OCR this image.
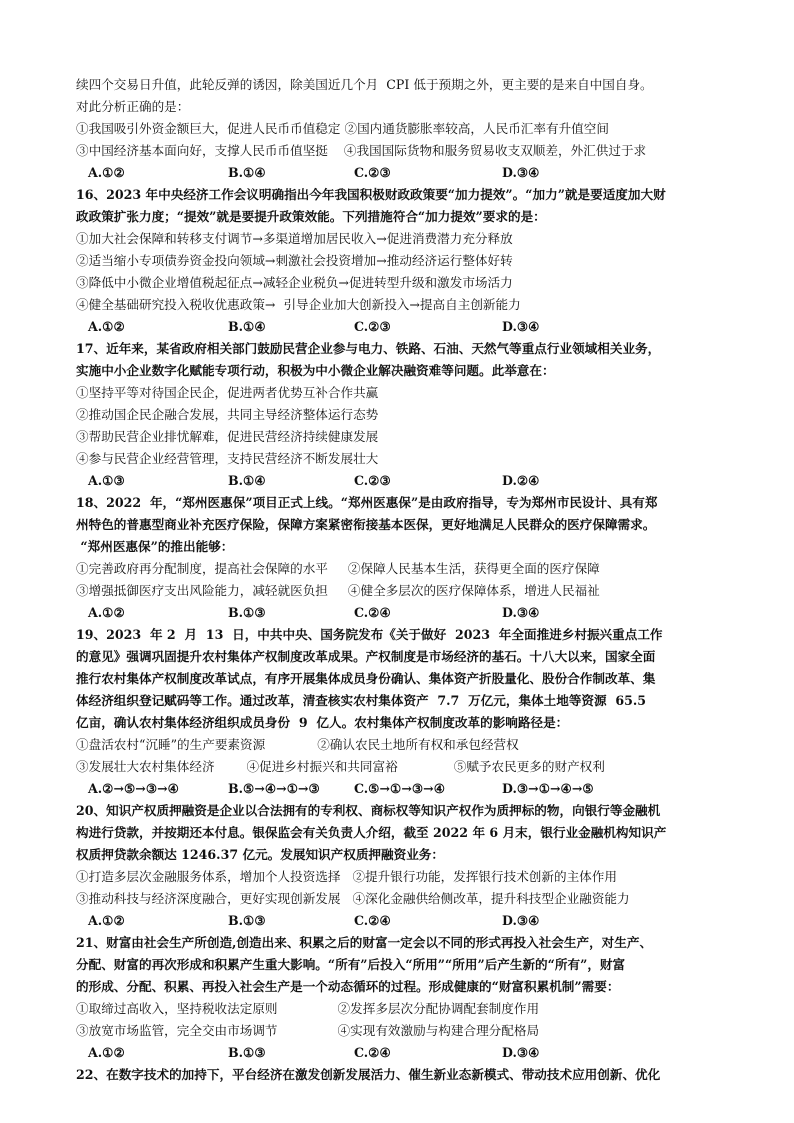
续四个交易日升值，此轮反弹的诱因，除美国近几个月  CPI 低于预期之外，更主要的是来自中国自身。
对此分析正确的是：
①我国吸引外资金额巨大，促进人民币币值稳定 ②国内通货膨胀率较高，人民币汇率有升值空间
③中国经济基本面向好，支撑人民币币值坚挺    ④我国国际货物和服务贸易收支双顺差，外汇供过于求
A.①②	B.①④	C.②③	D.③④
16、2023 年中央经济工作会议明确指出今年我国积极财政政策要“加力提效”。“加力”就是要适度加大财
政政策扩张力度；“提效”就是要提升政策效能。下列措施符合“加力提效”要求的是：
①加大社会保障和转移支付调节→多渠道增加居民收入→促进消费潜力充分释放
②适当缩小专项债券资金投向领域→刺激社会投资增加→推动经济运行整体好转
③降低中小微企业增值税起征点→减轻企业税负→促进转型升级和激发市场活力
④健全基础研究投入税收优惠政策→  引导企业加大创新投入→提高自主创新能力
A.①②	B.①④	C.②③	D.③④
17、近年来，某省政府相关部门鼓励民营企业参与电力、铁路、石油、天然气等重点行业领域相关业务，
实施中小企业数字化赋能专项行动，积极为中小微企业解决融资难等问题。此举意在：
①坚持平等对待国企民企，促进两者优势互补合作共赢
②推动国企民企融合发展，共同主导经济整体运行态势
③帮助民营企业排忧解难，促进民营经济持续健康发展
④参与民营企业经营管理，支持民营经济不断发展壮大
A.①③	B.①④	C.②③	D.②④
18、2022  年，“郑州医惠保”项目正式上线。“郑州医惠保”是由政府指导，专为郑州市民设计、具有郑
州特色的普惠型商业补充医疗保险，保障方案紧密衔接基本医保，更好地满足人民群众的医疗保障需求。
“郑州医惠保”的推出能够：
①完善政府再分配制度，提高社会保障的水平     ②保障人民基本生活，获得更全面的医疗保障
③增强抵御医疗支出风险能力，减轻就医负担     ④健全多层次的医疗保障体系，增进人民福祉
A.①②	B.①③	C.②④	D.③④
19、2023  年 2  月  13  日，中共中央、国务院发布《关于做好  2023  年全面推进乡村振兴重点工作
的意见》强调巩固提升农村集体产权制度改革成果。产权制度是市场经济的基石。十八大以来，国家全面
推行农村集体产权制度改革试点，有序开展集体成员身份确认、集体资产折股量化、股份合作制改革、集
体经济组织登记赋码等工作。通过改革，清查核实农村集体资产  7.7  万亿元，集体土地等资源  65.5
亿亩，确认农村集体经济组织成员身份  9  亿人。农村集体产权制度改革的影响路径是：
①盘活农村“沉睡”的生产要素资源             ②确认农民土地所有权和承包经营权
③发展壮大农村集体经济        ④促进乡村振兴和共同富裕              ⑤赋予农民更多的财产权利
A.②→⑤→③→④	B.⑤→④→①→③	C.⑤→①→③→④	D.③→①→④→⑤
20、知识产权质押融资是企业以合法拥有的专利权、商标权等知识产权作为质押标的物，向银行等金融机
构进行贷款，并按期还本付息。银保监会有关负责人介绍，截至 2022 年 6 月末，银行业金融机构知识产
权质押贷款余额达 1246.37 亿元。发展知识产权质押融资业务：
①打造多层次金融服务体系，增加个人投资选择   ②提升银行功能，发挥银行技术创新的主体作用
③推动科技与经济深度融合，更好实现创新发展   ④深化金融供给侧改革，提升科技型企业融资能力
A.①②	B.①③	C.②④	D.③④
21、财富由社会生产所创造,创造出来、积累之后的财富一定会以不同的形式再投入社会生产，对生产、
分配、财富的再次形成和积累产生重大影响。“所有”后投入“所用”“所用”后产生新的“所有”，财富
的形成、分配、积累、再投入社会生产是一个动态循环的过程。形成健康的“财富积累机制”需要：
①取缔过高收入，坚持税收法定原则               ②发挥多层次分配协调配套制度作用
③放宽市场监管，完全交由市场调节               ④实现有效激励与构建合理分配格局
A.①②	B.①③	C.②④	D.③④
22、在数字技术的加持下，平台经济在激发创新发展活力、催生新业态新模式、带动技术应用创新、优化
